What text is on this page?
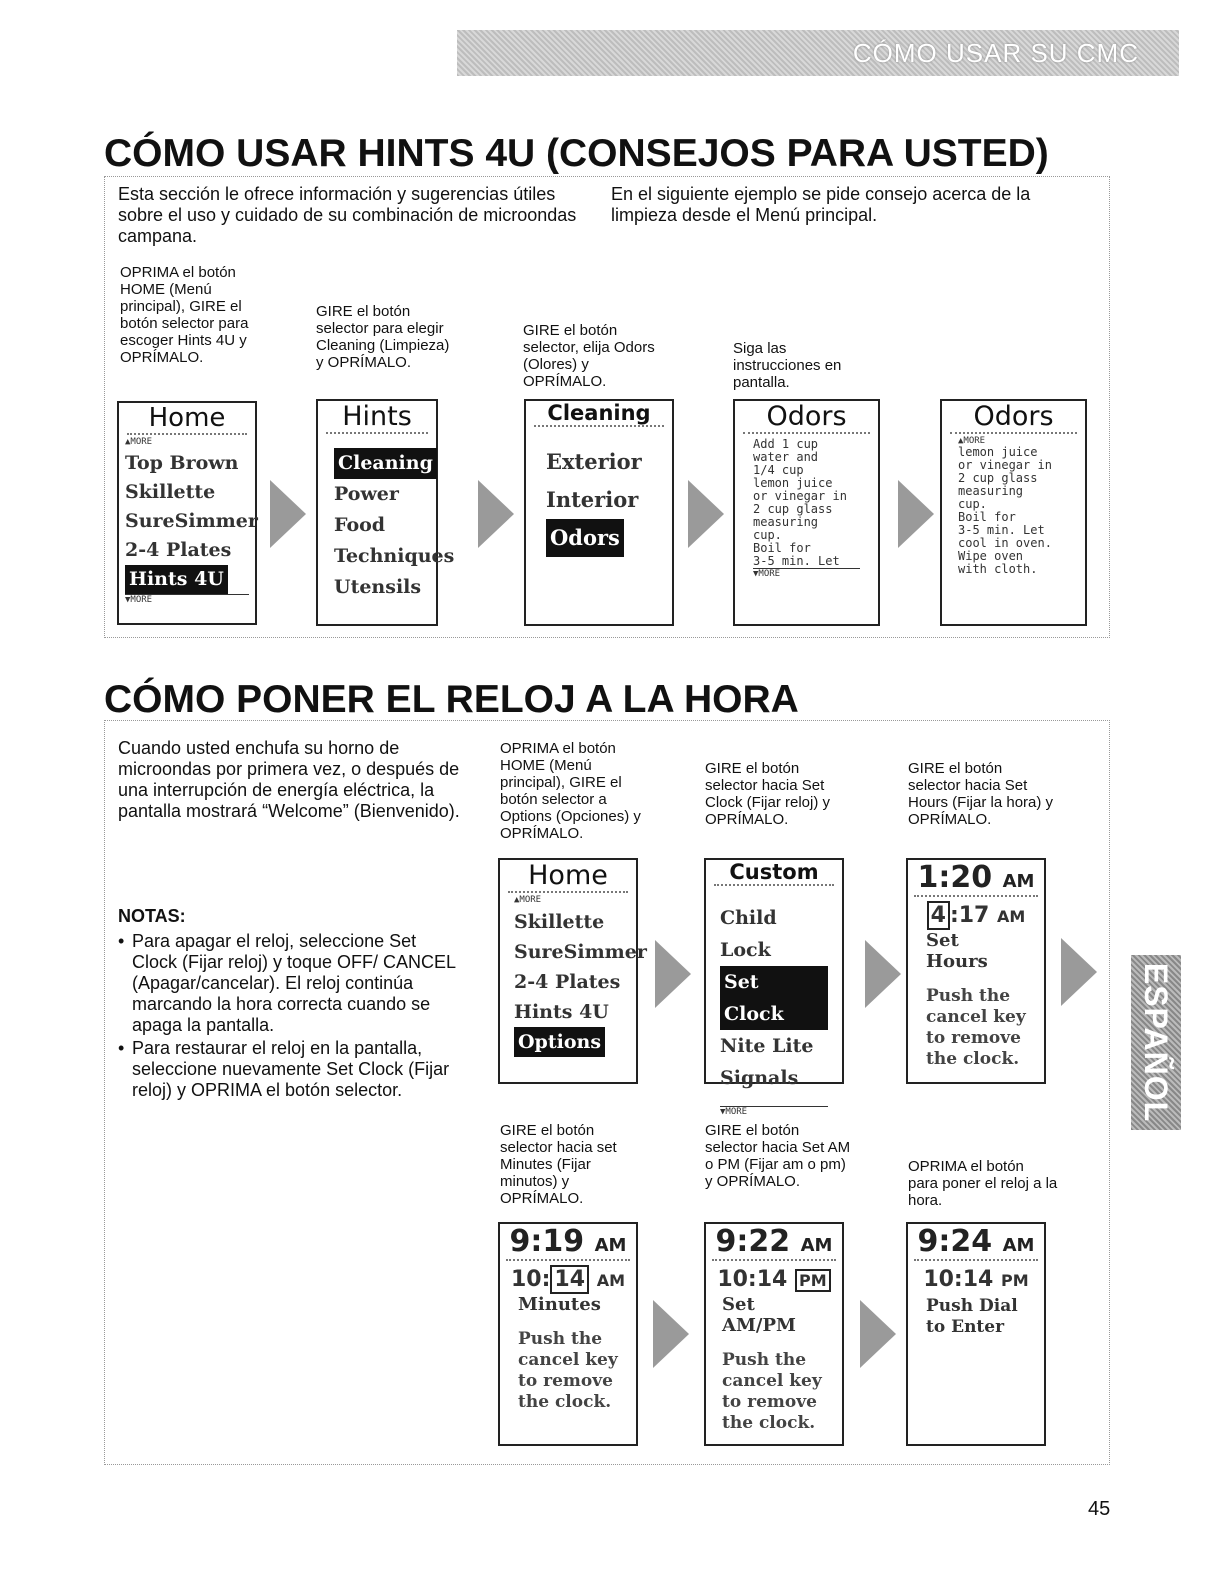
CÓMO USAR SU CMC
CÓMO USAR HINTS 4U (CONSEJOS PARA USTED)
Esta sección le ofrece información y sugerencias útiles sobre el uso y cuidado de su combinación de microondas campana.
En el siguiente ejemplo se pide consejo acerca de la limpieza desde el Menú principal.
OPRIMA el botón HOME (Menú principal), GIRE el botón selector para escoger Hints 4U y OPRÍMALO.
GIRE el botón selector para elegir Cleaning (Limpieza) y OPRÍMALO.
GIRE el botón selector, elija Odors (Olores) y OPRÍMALO.
Siga las instrucciones en pantalla.
Home
▲MORE
Top Brown
Skillette
SureSimmer
2-4 Plates
Hints 4U
▼MORE
Hints
Cleaning
Power
Food
Techniques
Utensils
Cleaning
Exterior
Interior
Odors
Odors
Add 1 cup
water and
1/4 cup
lemon juice
or vinegar in
2 cup glass
measuring
cup.
Boil for
3-5 min. Let
▼MORE
Odors
▲MORE
lemon juice
or vinegar in
2 cup glass
measuring
cup.
Boil for
3-5 min. Let
cool in oven.
Wipe oven
with cloth.
CÓMO PONER EL RELOJ A LA HORA
Cuando usted enchufa su horno de microondas por primera vez, o después de una interrupción de energía eléctrica, la pantalla mostrará “Welcome” (Bienvenido).
NOTAS:
• Para apagar el reloj, seleccione Set Clock (Fijar reloj) y toque OFF/ CANCEL (Apagar/cancelar). El reloj continúa marcando la hora correcta cuando se apaga la pantalla.
• Para restaurar el reloj en la pantalla, seleccione nuevamente Set Clock (Fijar reloj) y OPRIMA el botón selector.
OPRIMA el botón HOME (Menú principal), GIRE el botón selector a Options (Opciones) y OPRÍMALO.
GIRE el botón selector hacia Set Clock (Fijar reloj) y OPRÍMALO.
GIRE el botón selector hacia Set Hours (Fijar la hora) y OPRÍMALO.
Home
▲MORE
Skillette
SureSimmer
2-4 Plates
Hints 4U
Options
Custom
Child Lock
Set Clock
Nite Lite
Signals
▼MORE
1:20 AM
4 :17 AM
Set Hours
Push the
cancel key
to remove
the clock.
GIRE el botón selector hacia set Minutes (Fijar minutos) y OPRÍMALO.
GIRE el botón selector hacia Set AM o PM (Fijar am o pm) y OPRÍMALO.
OPRIMA el botón para poner el reloj a la hora.
9:19 AM
10: 14 AM
Minutes
Push the
cancel key
to remove
the clock.
9:22 AM
10:14 PM
Set AM/PM
Push the
cancel key
to remove
the clock.
9:24 AM
10:14 PM
Push Dial
to Enter
ESPAÑOL
45
